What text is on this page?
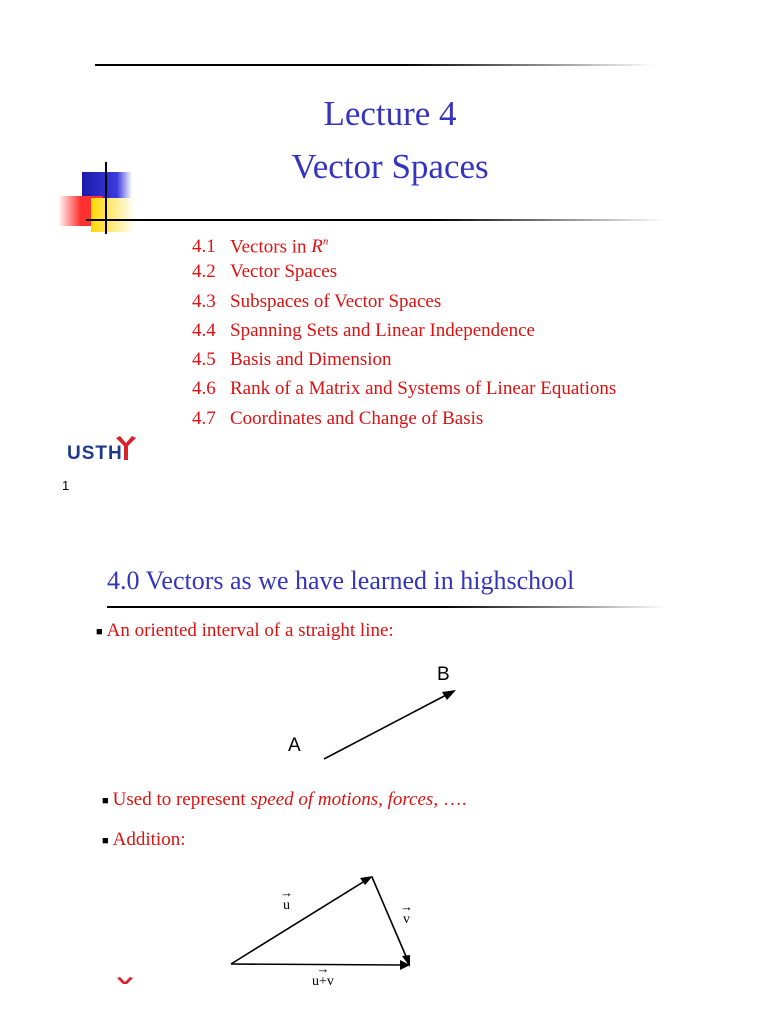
Lecture 4
Vector Spaces
4.1 Vectors in $R^n$
4.2 Vector Spaces
4.3 Subspaces of Vector Spaces
4.4 Spanning Sets and Linear Independence
4.5 Basis and Dimension
4.6 Rank of a Matrix and Systems of Linear Equations
4.7 Coordinates and Change of Basis
USTH
1
4.0 Vectors as we have learned in highschool
■ An oriented interval of a straight line:
A
B
■ Used to represent speed of motions, forces, ….
■ Addition:
→
u	→
v
→
u+v
